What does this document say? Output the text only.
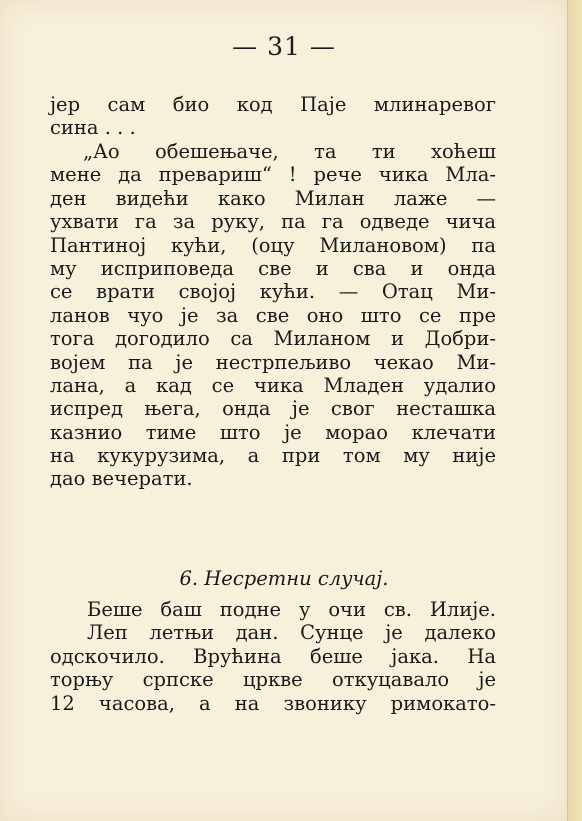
— 31 —
јер сам био код Паје млинаревог
сина . . .
„Ао обешењаче, та ти хоћеш
мене да превариш“ ! рече чика Мла-
ден видећи како Милан лаже —
ухвати га за руку, па га одведе чича
Пантиној кући, (оцу Милановом) па
му исприповеда све и сва и онда
се врати својој кући. — Отац Ми-
ланов чуо је за све оно што се пре
тога догодило са Миланом и Добри-
војем па је нестрпељиво чекао Ми-
лана, а кад се чика Младен удалио
испред њега, онда је свог несташка
казнио тиме што је морао клечати
на кукурузима, а при том му није
дао вечерати.
6. Несретни случај.
Беше баш подне у очи св. Илије.
Леп летњи дан. Сунце је далеко
одскочило. Врућина беше јака. На
торњу српске цркве откуцавало је
12 часова, а на звонику римокато-
